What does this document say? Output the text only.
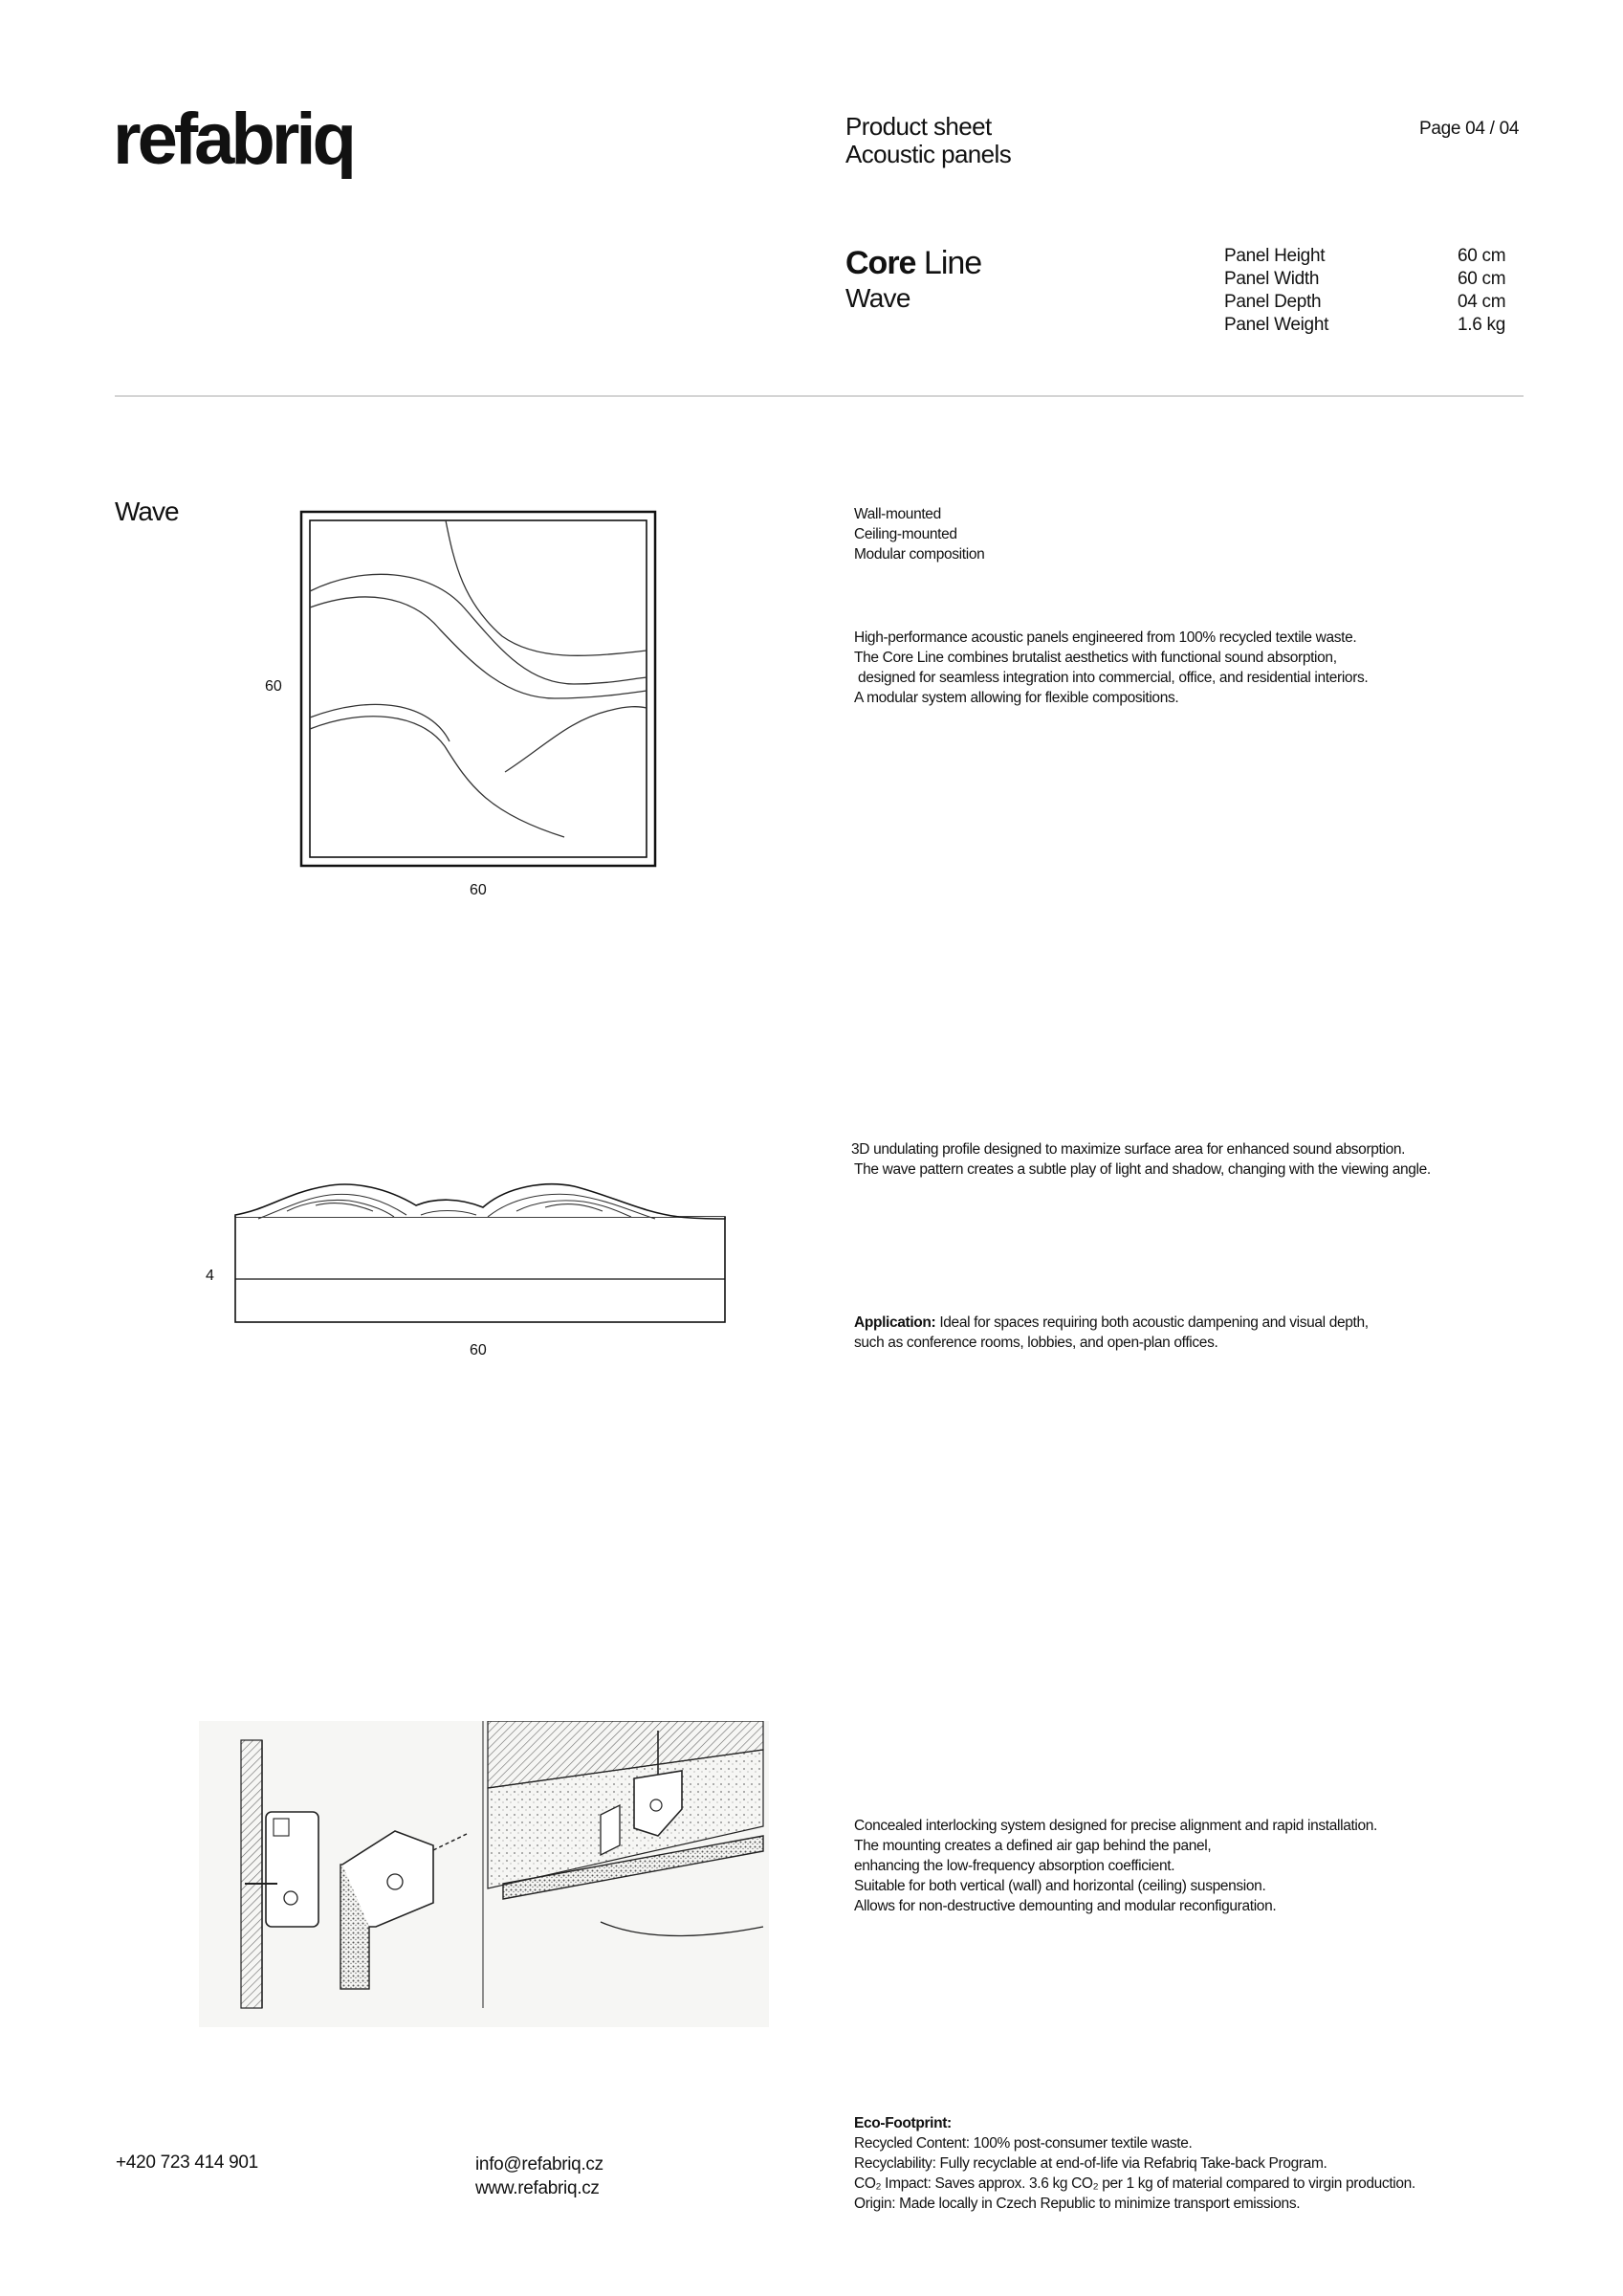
refabriq	Product sheet
Acoustic panels
Page 04 / 04
Core Line
Wave
Panel Height	60 cm
Panel Width	60 cm
Panel Depth	04 cm
Panel Weight	1.6 kg
Wave
60
60
4
60
Wall-mounted
Ceiling-mounted
Modular composition
High-performance acoustic panels engineered from 100% recycled textile waste.
The Core Line combines brutalist aesthetics with functional sound absorption,
designed for seamless integration into commercial, office, and residential interiors.
A modular system allowing for flexible compositions.
3D undulating profile designed to maximize surface area for enhanced sound absorption.
The wave pattern creates a subtle play of light and shadow, changing with the viewing angle.
Application: Ideal for spaces requiring both acoustic dampening and visual depth,
such as conference rooms, lobbies, and open-plan offices.
Concealed interlocking system designed for precise alignment and rapid installation.
The mounting creates a defined air gap behind the panel,
enhancing the low-frequency absorption coefficient.
Suitable for both vertical (wall) and horizontal (ceiling) suspension.
Allows for non-destructive demounting and modular reconfiguration.
Eco-Footprint:
Recycled Content: 100% post-consumer textile waste.
Recyclability: Fully recyclable at end-of-life via Refabriq Take-back Program.
CO₂ Impact: Saves approx. 3.6 kg CO₂ per 1 kg of material compared to virgin production.
Origin: Made locally in Czech Republic to minimize transport emissions.
+420 723 414 901	info@refabriq.cz
www.refabriq.cz
